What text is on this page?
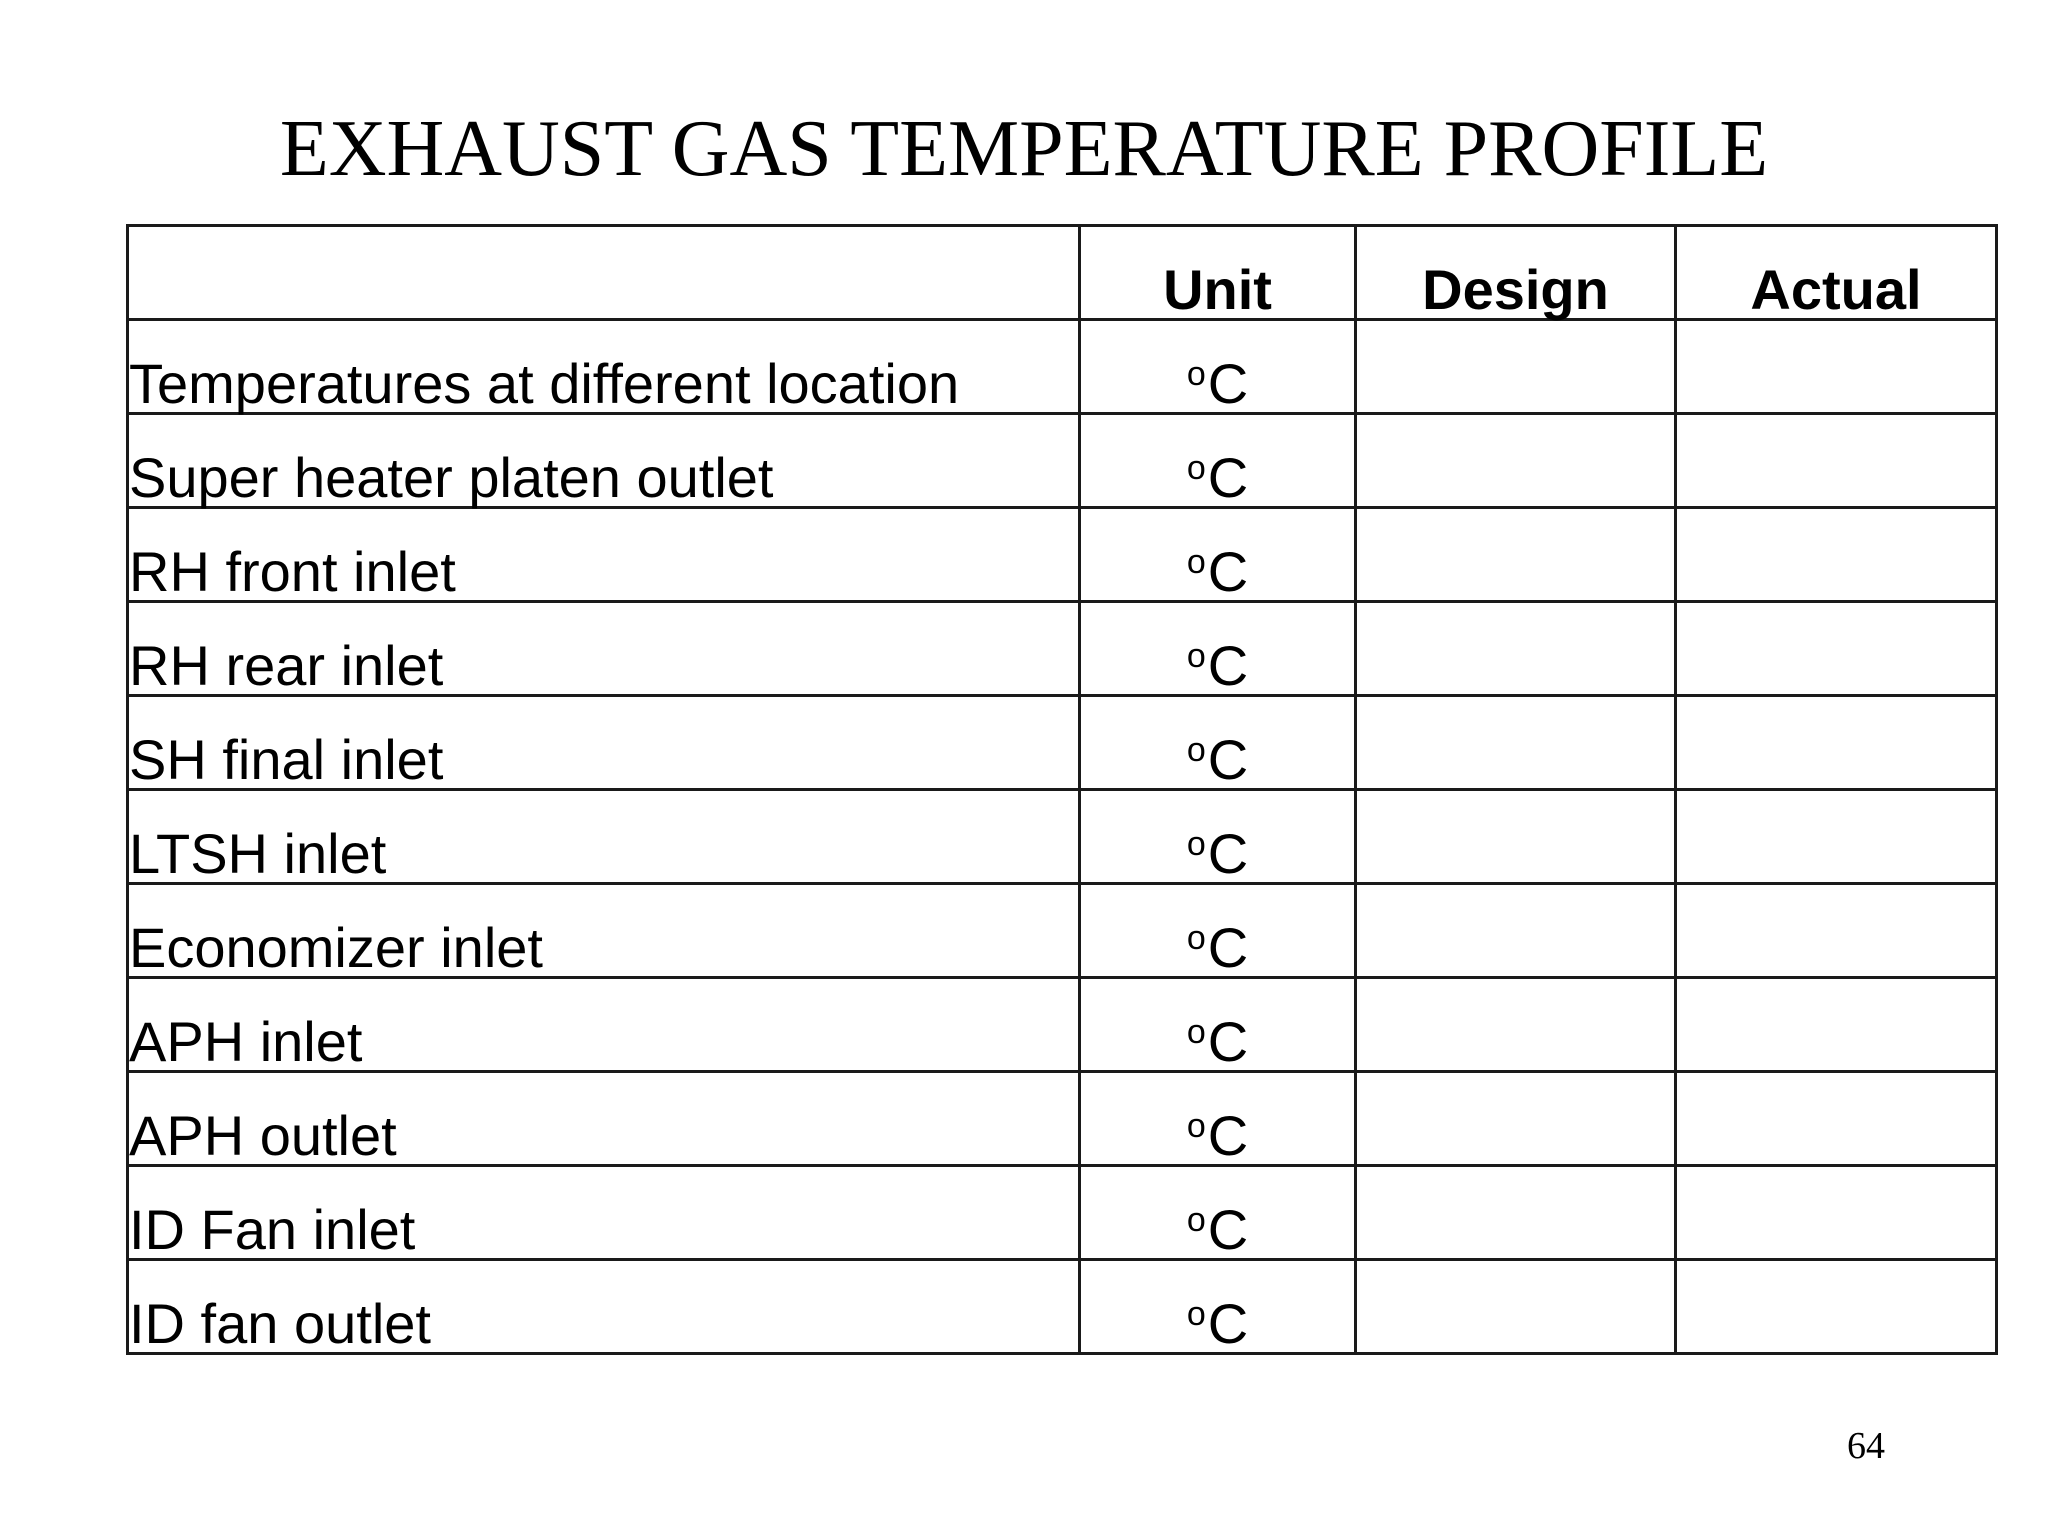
EXHAUST GAS TEMPERATURE PROFILE
	Unit	Design	Actual
Temperatures at different location	$^o$C		
Super heater platen outlet	$^o$C		
RH front inlet	$^o$C		
RH rear inlet	$^o$C		
SH final inlet	$^o$C		
LTSH inlet	$^o$C		
Economizer inlet	$^o$C		
APH inlet	$^o$C		
APH outlet	$^o$C		
ID Fan inlet	$^o$C		
ID fan outlet	$^o$C		
64
